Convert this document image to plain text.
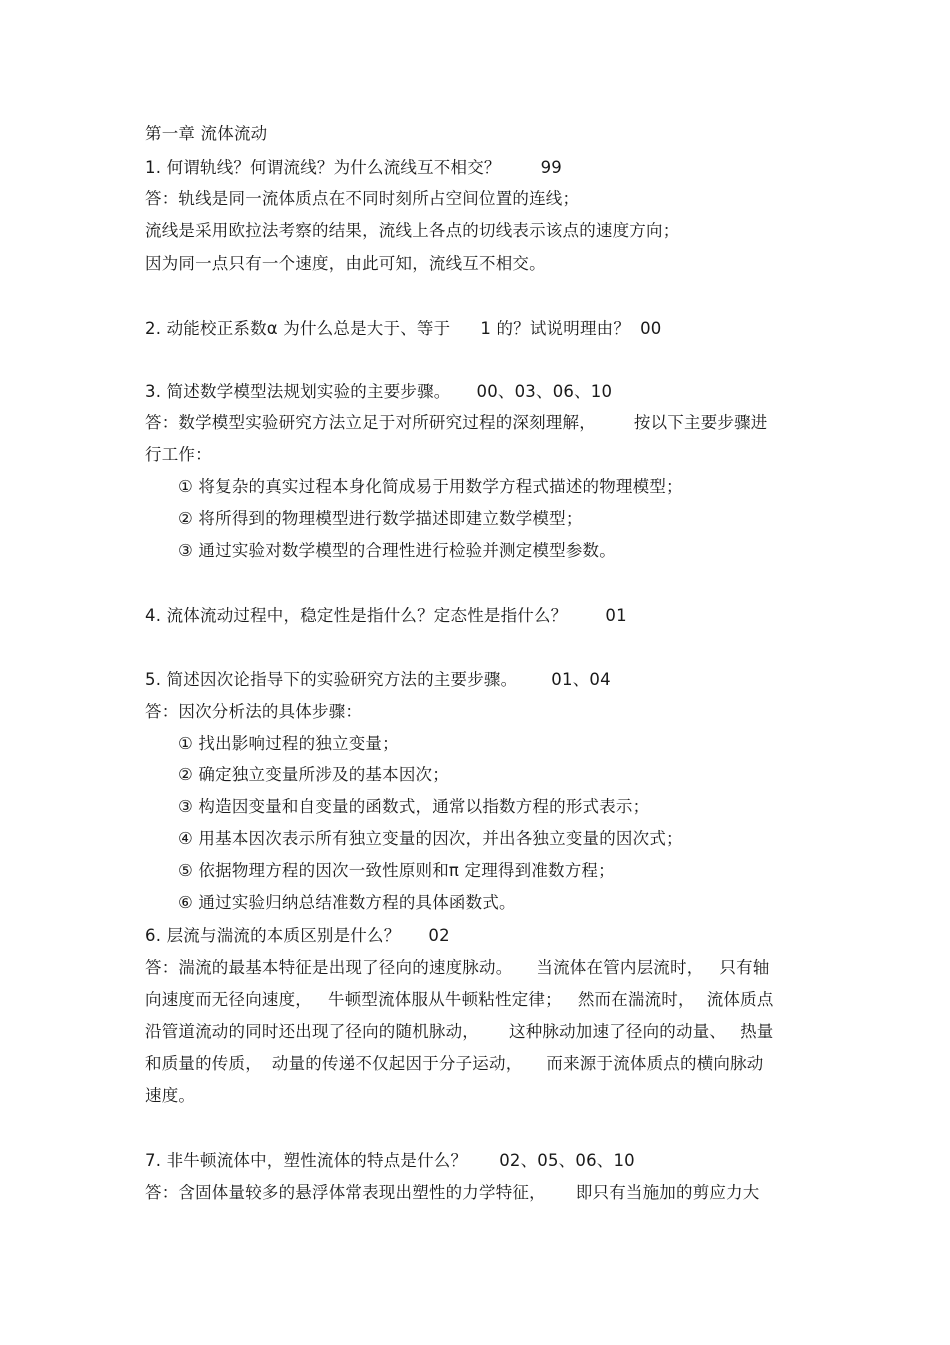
第一章 流体流动
1. 何谓轨线？何谓流线？为什么流线互不相交？ 99
答：轨线是同一流体质点在不同时刻所占空间位置的连线；
流线是采用欧拉法考察的结果，流线上各点的切线表示该点的速度方向；
因为同一点只有一个速度，由此可知，流线互不相交。
2. 动能校正系数α 为什么总是大于、等于 1 的？试说明理由？ 00
3. 简述数学模型法规划实验的主要步骤。 00、03、06、10
答：数学模型实验研究方法立足于对所研究过程的深刻理解， 按以下主要步骤进
行工作：
① 将复杂的真实过程本身化简成易于用数学方程式描述的物理模型；
② 将所得到的物理模型进行数学描述即建立数学模型；
③ 通过实验对数学模型的合理性进行检验并测定模型参数。
4. 流体流动过程中，稳定性是指什么？定态性是指什么？ 01
5. 简述因次论指导下的实验研究方法的主要步骤。 01、04
答：因次分析法的具体步骤：
① 找出影响过程的独立变量；
② 确定独立变量所涉及的基本因次；
③ 构造因变量和自变量的函数式，通常以指数方程的形式表示；
④ 用基本因次表示所有独立变量的因次，并出各独立变量的因次式；
⑤ 依据物理方程的因次一致性原则和π 定理得到准数方程；
⑥ 通过实验归纳总结准数方程的具体函数式。
6. 层流与湍流的本质区别是什么？ 02
答：湍流的最基本特征是出现了径向的速度脉动。 当流体在管内层流时， 只有轴
向速度而无径向速度， 牛顿型流体服从牛顿粘性定律； 然而在湍流时， 流体质点
沿管道流动的同时还出现了径向的随机脉动， 这种脉动加速了径向的动量、 热量
和质量的传质， 动量的传递不仅起因于分子运动， 而来源于流体质点的横向脉动
速度。
7. 非牛顿流体中，塑性流体的特点是什么？ 02、05、06、10
答：含固体量较多的悬浮体常表现出塑性的力学特征， 即只有当施加的剪应力大
